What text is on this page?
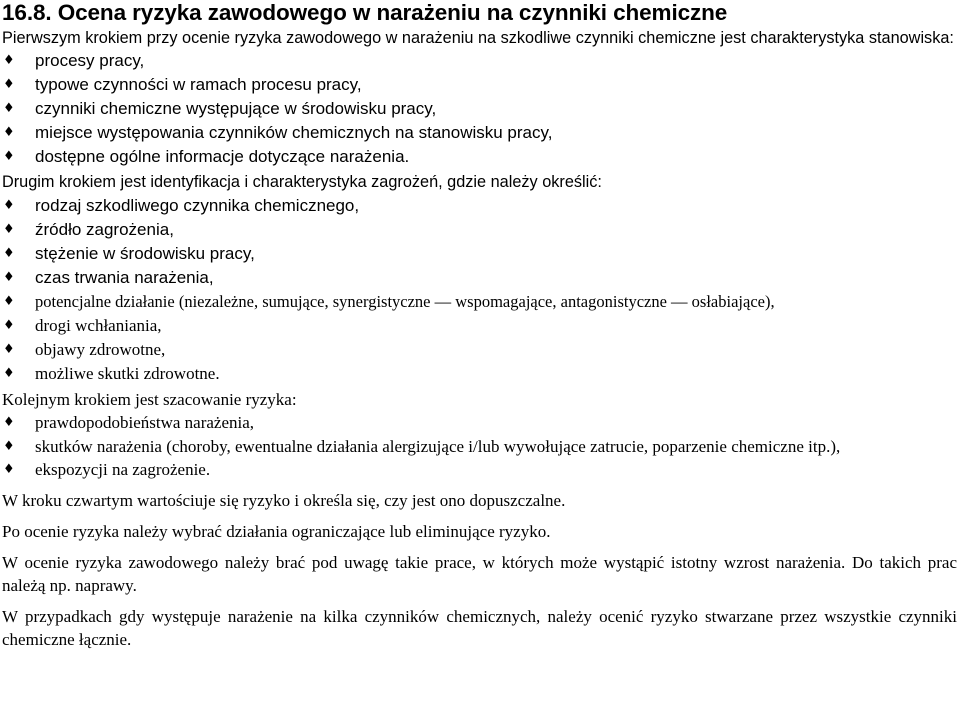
16.8. Ocena ryzyka zawodowego w narażeniu na czynniki chemiczne

Pierwszym krokiem przy ocenie ryzyka zawodowego w narażeniu na szkodliwe czynniki chemiczne jest charakterystyka stanowiska:

♦ procesy pracy,
♦ typowe czynności w ramach procesu pracy,
♦ czynniki chemiczne występujące w środowisku pracy,
♦ miejsce występowania czynników chemicznych na stanowisku pracy,
♦ dostępne ogólne informacje dotyczące narażenia.

Drugim krokiem jest identyfikacja i charakterystyka zagrożeń, gdzie należy określić:

♦ rodzaj szkodliwego czynnika chemicznego,
♦ źródło zagrożenia,
♦ stężenie w środowisku pracy,
♦ czas trwania narażenia,
♦ potencjalne działanie (niezależne, sumujące, synergistyczne — wspomagające, antagonistyczne — osłabiające),
♦ drogi wchłaniania,
♦ objawy zdrowotne,
♦ możliwe skutki zdrowotne.

Kolejnym krokiem jest szacowanie ryzyka:

♦ prawdopodobieństwa narażenia,
♦ skutków narażenia (choroby, ewentualne działania alergizujące i/lub wywołujące zatrucie, poparzenie chemiczne itp.),
♦ ekspozycji na zagrożenie.

W kroku czwartym wartościuje się ryzyko i określa się, czy jest ono dopuszczalne.

Po ocenie ryzyka należy wybrać działania ograniczające lub eliminujące ryzyko.

W ocenie ryzyka zawodowego należy brać pod uwagę takie prace, w których może wystąpić istotny wzrost narażenia. Do takich prac należą np. naprawy.

W przypadkach gdy występuje narażenie na kilka czynników chemicznych, należy ocenić ryzyko stwarzane przez wszystkie czynniki chemiczne łącznie.
